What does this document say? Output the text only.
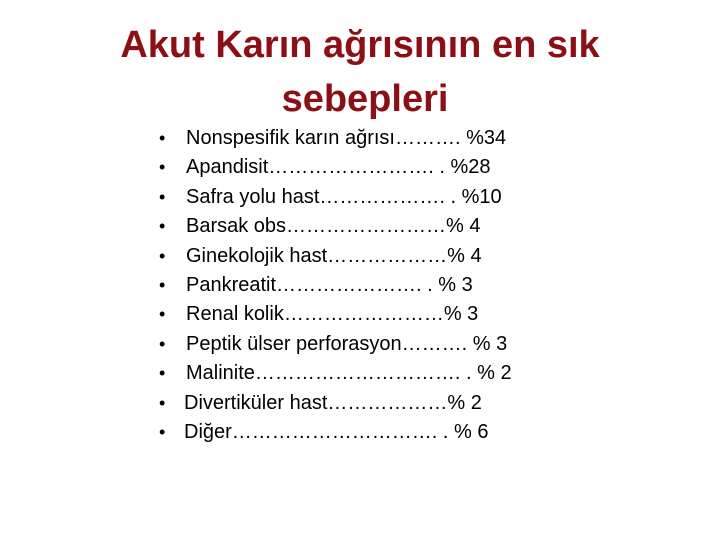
Akut Karın ağrısının en sık
sebepleri
• Nonspesifik karın ağrısı………. %34
• Apandisit……………………. . %28
• Safra yolu hast………………. . %10
• Barsak obs……………………% 4
• Ginekolojik hast………………% 4
• Pankreatit…………………. . % 3
• Renal kolik……………………% 3
• Peptik ülser perforasyon………. % 3
• Malinite…………………………. . % 2
• Divertiküler hast………………% 2
• Diğer…………………………. . % 6
